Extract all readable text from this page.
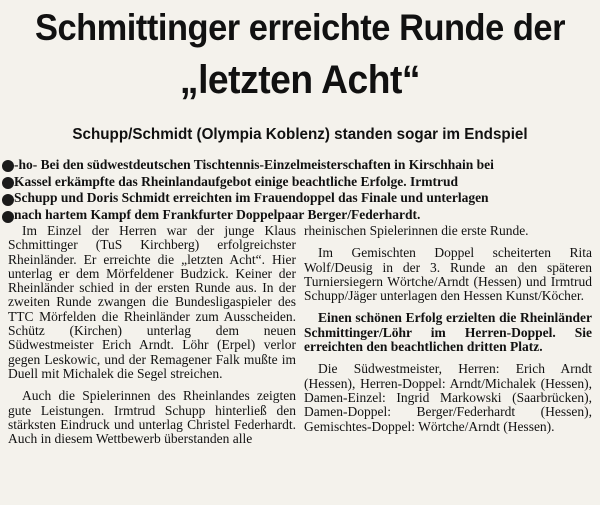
Schmittinger erreichte Runde der
„letzten Acht“
Schupp/Schmidt (Olympia Koblenz) standen sogar im Endspiel
-ho- Bei den südwestdeutschen Tischtennis-Einzelmeisterschaften in Kirschhain bei
Kassel erkämpfte das Rheinlandaufgebot einige beachtliche Erfolge. Irmtrud
Schupp und Doris Schmidt erreichten im Frauendoppel das Finale und unterlagen
nach hartem Kampf dem Frankfurter Doppelpaar Berger/Federhardt.

Im Einzel der Herren war der junge Klaus Schmittinger (TuS Kirchberg) erfolgreichster Rheinländer. Er erreichte die „letzten Acht“. Hier unterlag er dem Mörfeldener Budzick. Keiner der Rheinländer schied in der ersten Runde aus. In der zweiten Runde zwangen die Bundesligaspieler des TTC Mörfelden die Rheinländer zum Ausscheiden. Schütz (Kirchen) unterlag dem neuen Südwestmeister Erich Arndt. Löhr (Erpel) verlor gegen Leskowic, und der Remagener Falk mußte im Duell mit Michalek die Segel streichen.

Auch die Spielerinnen des Rheinlandes zeigten gute Leistungen. Irmtrud Schupp hinterließ den stärksten Eindruck und unterlag Christel Federhardt. Auch in diesem Wettbewerb überstanden alle

rheinischen Spielerinnen die erste Runde.

Im Gemischten Doppel scheiterten Rita Wolf/Deusig in der 3. Runde an den späteren Turniersiegern Wörtche/Arndt (Hessen) und Irmtrud Schupp/Jäger unterlagen den Hessen Kunst/Köcher.

Einen schönen Erfolg erzielten die Rheinländer Schmittinger/Löhr im Herren-Doppel. Sie erreichten den beachtlichen dritten Platz.

Die Südwestmeister, Herren: Erich Arndt (Hessen), Herren-Doppel: Arndt/Michalek (Hessen), Damen-Einzel: Ingrid Markowski (Saarbrücken), Damen-Doppel: Berger/Federhardt (Hessen), Gemischtes-Doppel: Wörtche/Arndt (Hessen).
